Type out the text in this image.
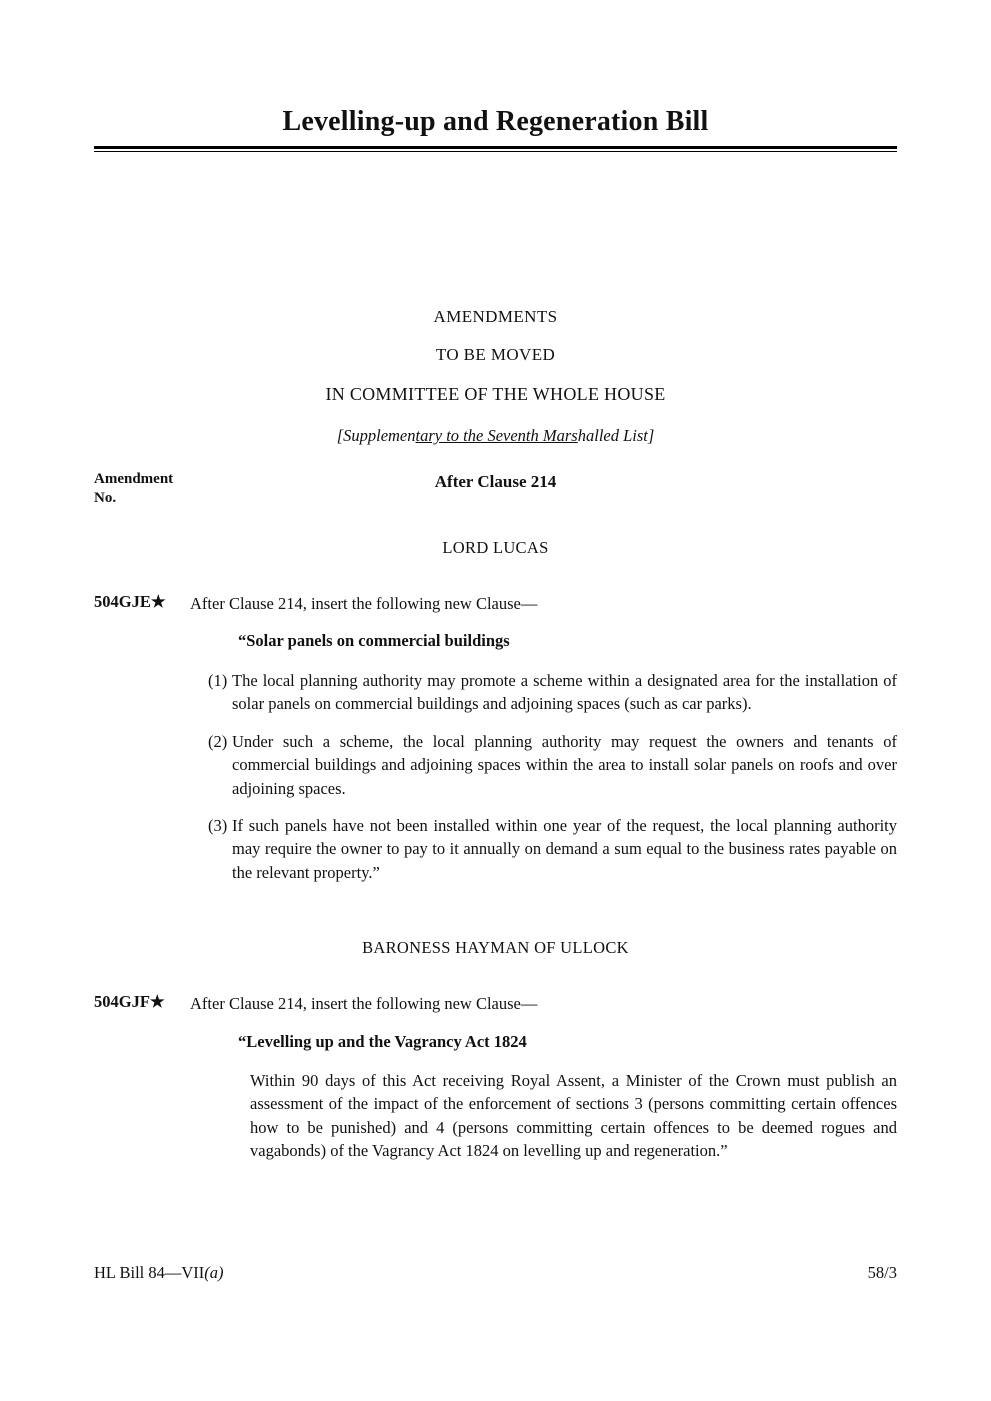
Levelling-up and Regeneration Bill
AMENDMENTS
TO BE MOVED
IN COMMITTEE OF THE WHOLE HOUSE
[Supplementary to the Seventh Marshalled List]
Amendment
No.
After Clause 214
LORD LUCAS
504GJE★	After Clause 214, insert the following new Clause—
“Solar panels on commercial buildings
(1) The local planning authority may promote a scheme within a designated area for the installation of solar panels on commercial buildings and adjoining spaces (such as car parks).
(2) Under such a scheme, the local planning authority may request the owners and tenants of commercial buildings and adjoining spaces within the area to install solar panels on roofs and over adjoining spaces.
(3) If such panels have not been installed within one year of the request, the local planning authority may require the owner to pay to it annually on demand a sum equal to the business rates payable on the relevant property.”
BARONESS HAYMAN OF ULLOCK
504GJF★	After Clause 214, insert the following new Clause—
“Levelling up and the Vagrancy Act 1824
Within 90 days of this Act receiving Royal Assent, a Minister of the Crown must publish an assessment of the impact of the enforcement of sections 3 (persons committing certain offences how to be punished) and 4 (persons committing certain offences to be deemed rogues and vagabonds) of the Vagrancy Act 1824 on levelling up and regeneration.”
HL Bill 84—VII(a)	58/3
